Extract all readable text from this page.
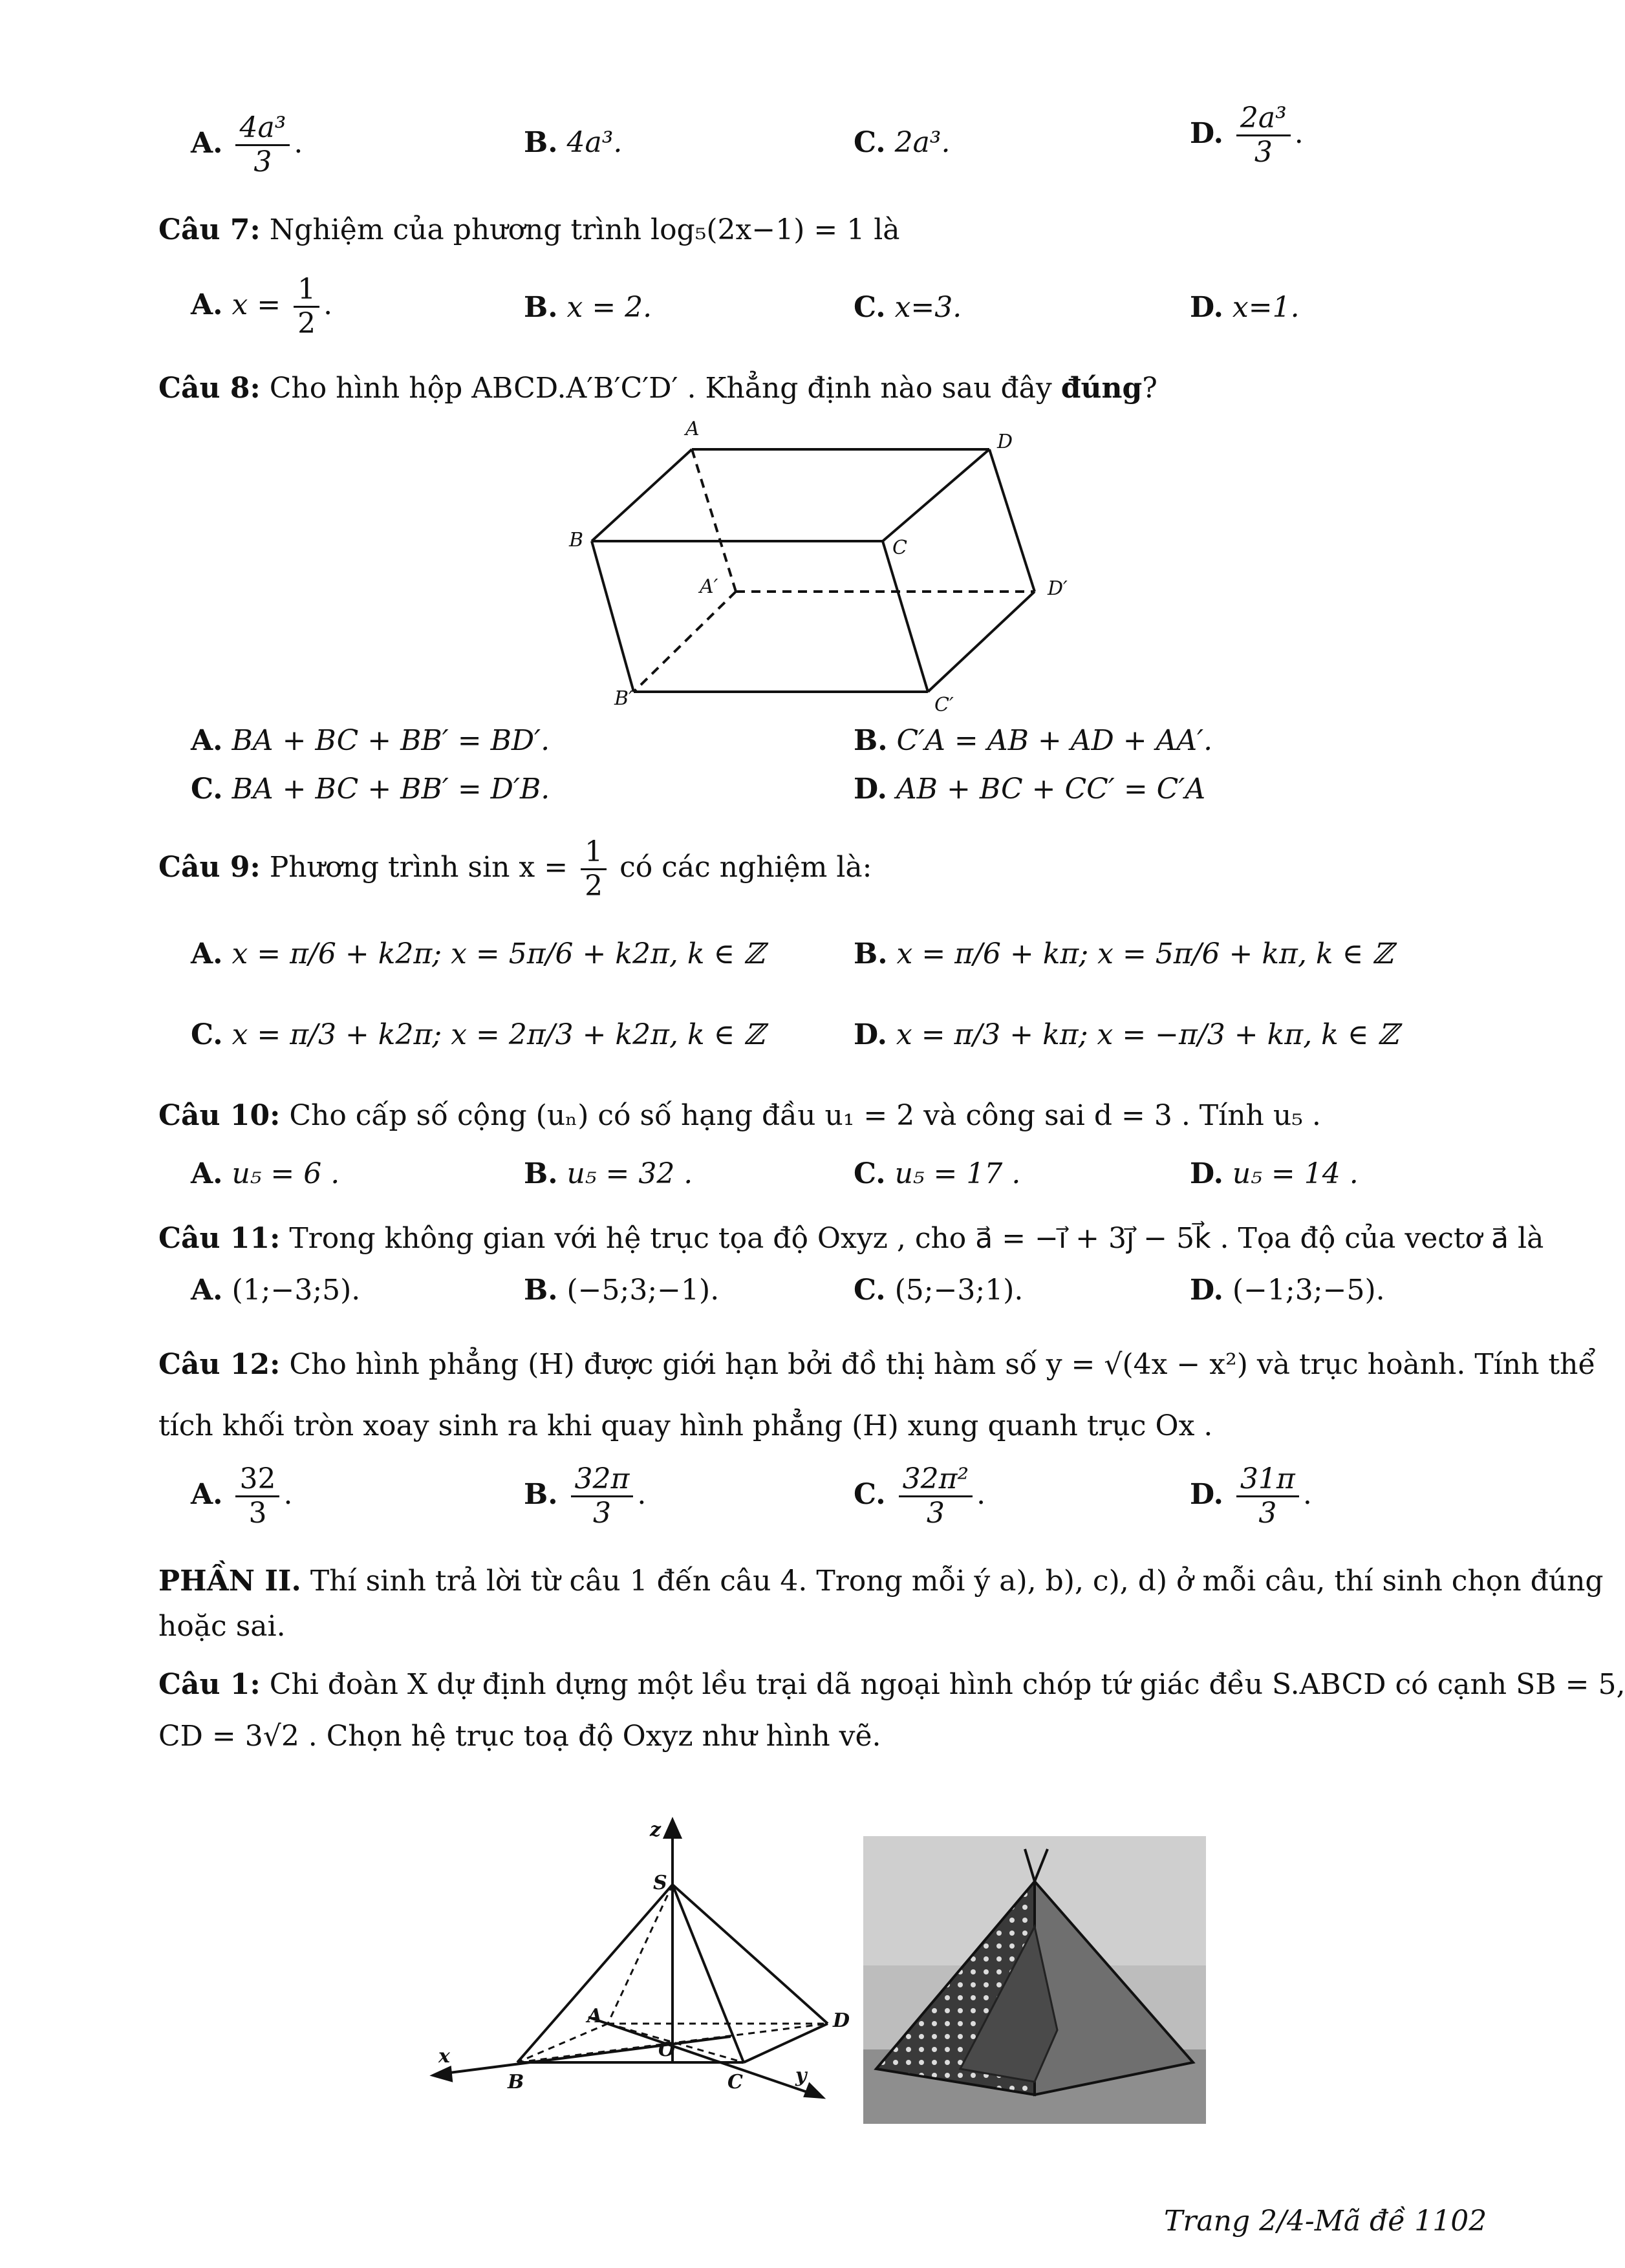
A. $\frac{\text{4a³}}{3}$ .	B. 4a³.	C. 2a³.	D. $\frac{\text{2a³}}{3}$ .
Câu 7: Nghiệm của phương trình log₅(2x−1) = 1 là
A. $x = \frac{1}{2}$ .	B. x = 2.	C. x=3.	D. x=1.
Câu 8: Cho hình hộp ABCD.A′B′C′D′ . Khẳng định nào sau đây đúng?
A
D
B	C
A′	D′
B′	C′
A. BA + BC + BB′ = BD′.	B. C′A = AB + AD + AA′.
C. BA + BC + BB′ = D′B.	D. AB + BC + CC′ = C′A
Câu 9: Phương trình $\sin x = \frac{1}{2}$ có các nghiệm là:
A. x = π/6 + k2π; x = 5π/6 + k2π, k ∈ ℤ	B. x = π/6 + kπ; x = 5π/6 + kπ, k ∈ ℤ
C. x = π/3 + k2π; x = 2π/3 + k2π, k ∈ ℤ	D. x = π/3 + kπ; x = −π/3 + kπ, k ∈ ℤ
Câu 10: Cho cấp số cộng (uₙ) có số hạng đầu u₁ = 2 và công sai d = 3 . Tính u₅ .
A. u₅ = 6 .	B. u₅ = 32 .	C. u₅ = 17 .	D. u₅ = 14 .
Câu 11: Trong không gian với hệ trục tọa độ Oxyz , cho a⃗ = −i⃗ + 3j⃗ − 5k⃗ . Tọa độ của vectơ a⃗ là
A. (1;−3;5).	B. (−5;3;−1).	C. (5;−3;1).	D. (−1;3;−5).
Câu 12: Cho hình phẳng (H) được giới hạn bởi đồ thị hàm số y = √(4x − x²) và trục hoành. Tính thể
tích khối tròn xoay sinh ra khi quay hình phẳng (H) xung quanh trục Ox .
A. $\frac{32}{3}$ .	B. $\frac{32\pi}{3}$ .	C. $\frac{\text{32π²}}{3}$ .	D. $\frac{31\pi}{3}$ .
PHẦN II. Thí sinh trả lời từ câu 1 đến câu 4. Trong mỗi ý a), b), c), d) ở mỗi câu, thí sinh chọn đúng
hoặc sai.
Câu 1: Chi đoàn X dự định dựng một lều trại dã ngoại hình chóp tứ giác đều S.ABCD có cạnh SB = 5,
CD = 3√2 . Chọn hệ trục toạ độ Oxyz như hình vẽ.
z
S
A	D
x	O
B	C	y
Trang 2/4-Mã đề 1102
